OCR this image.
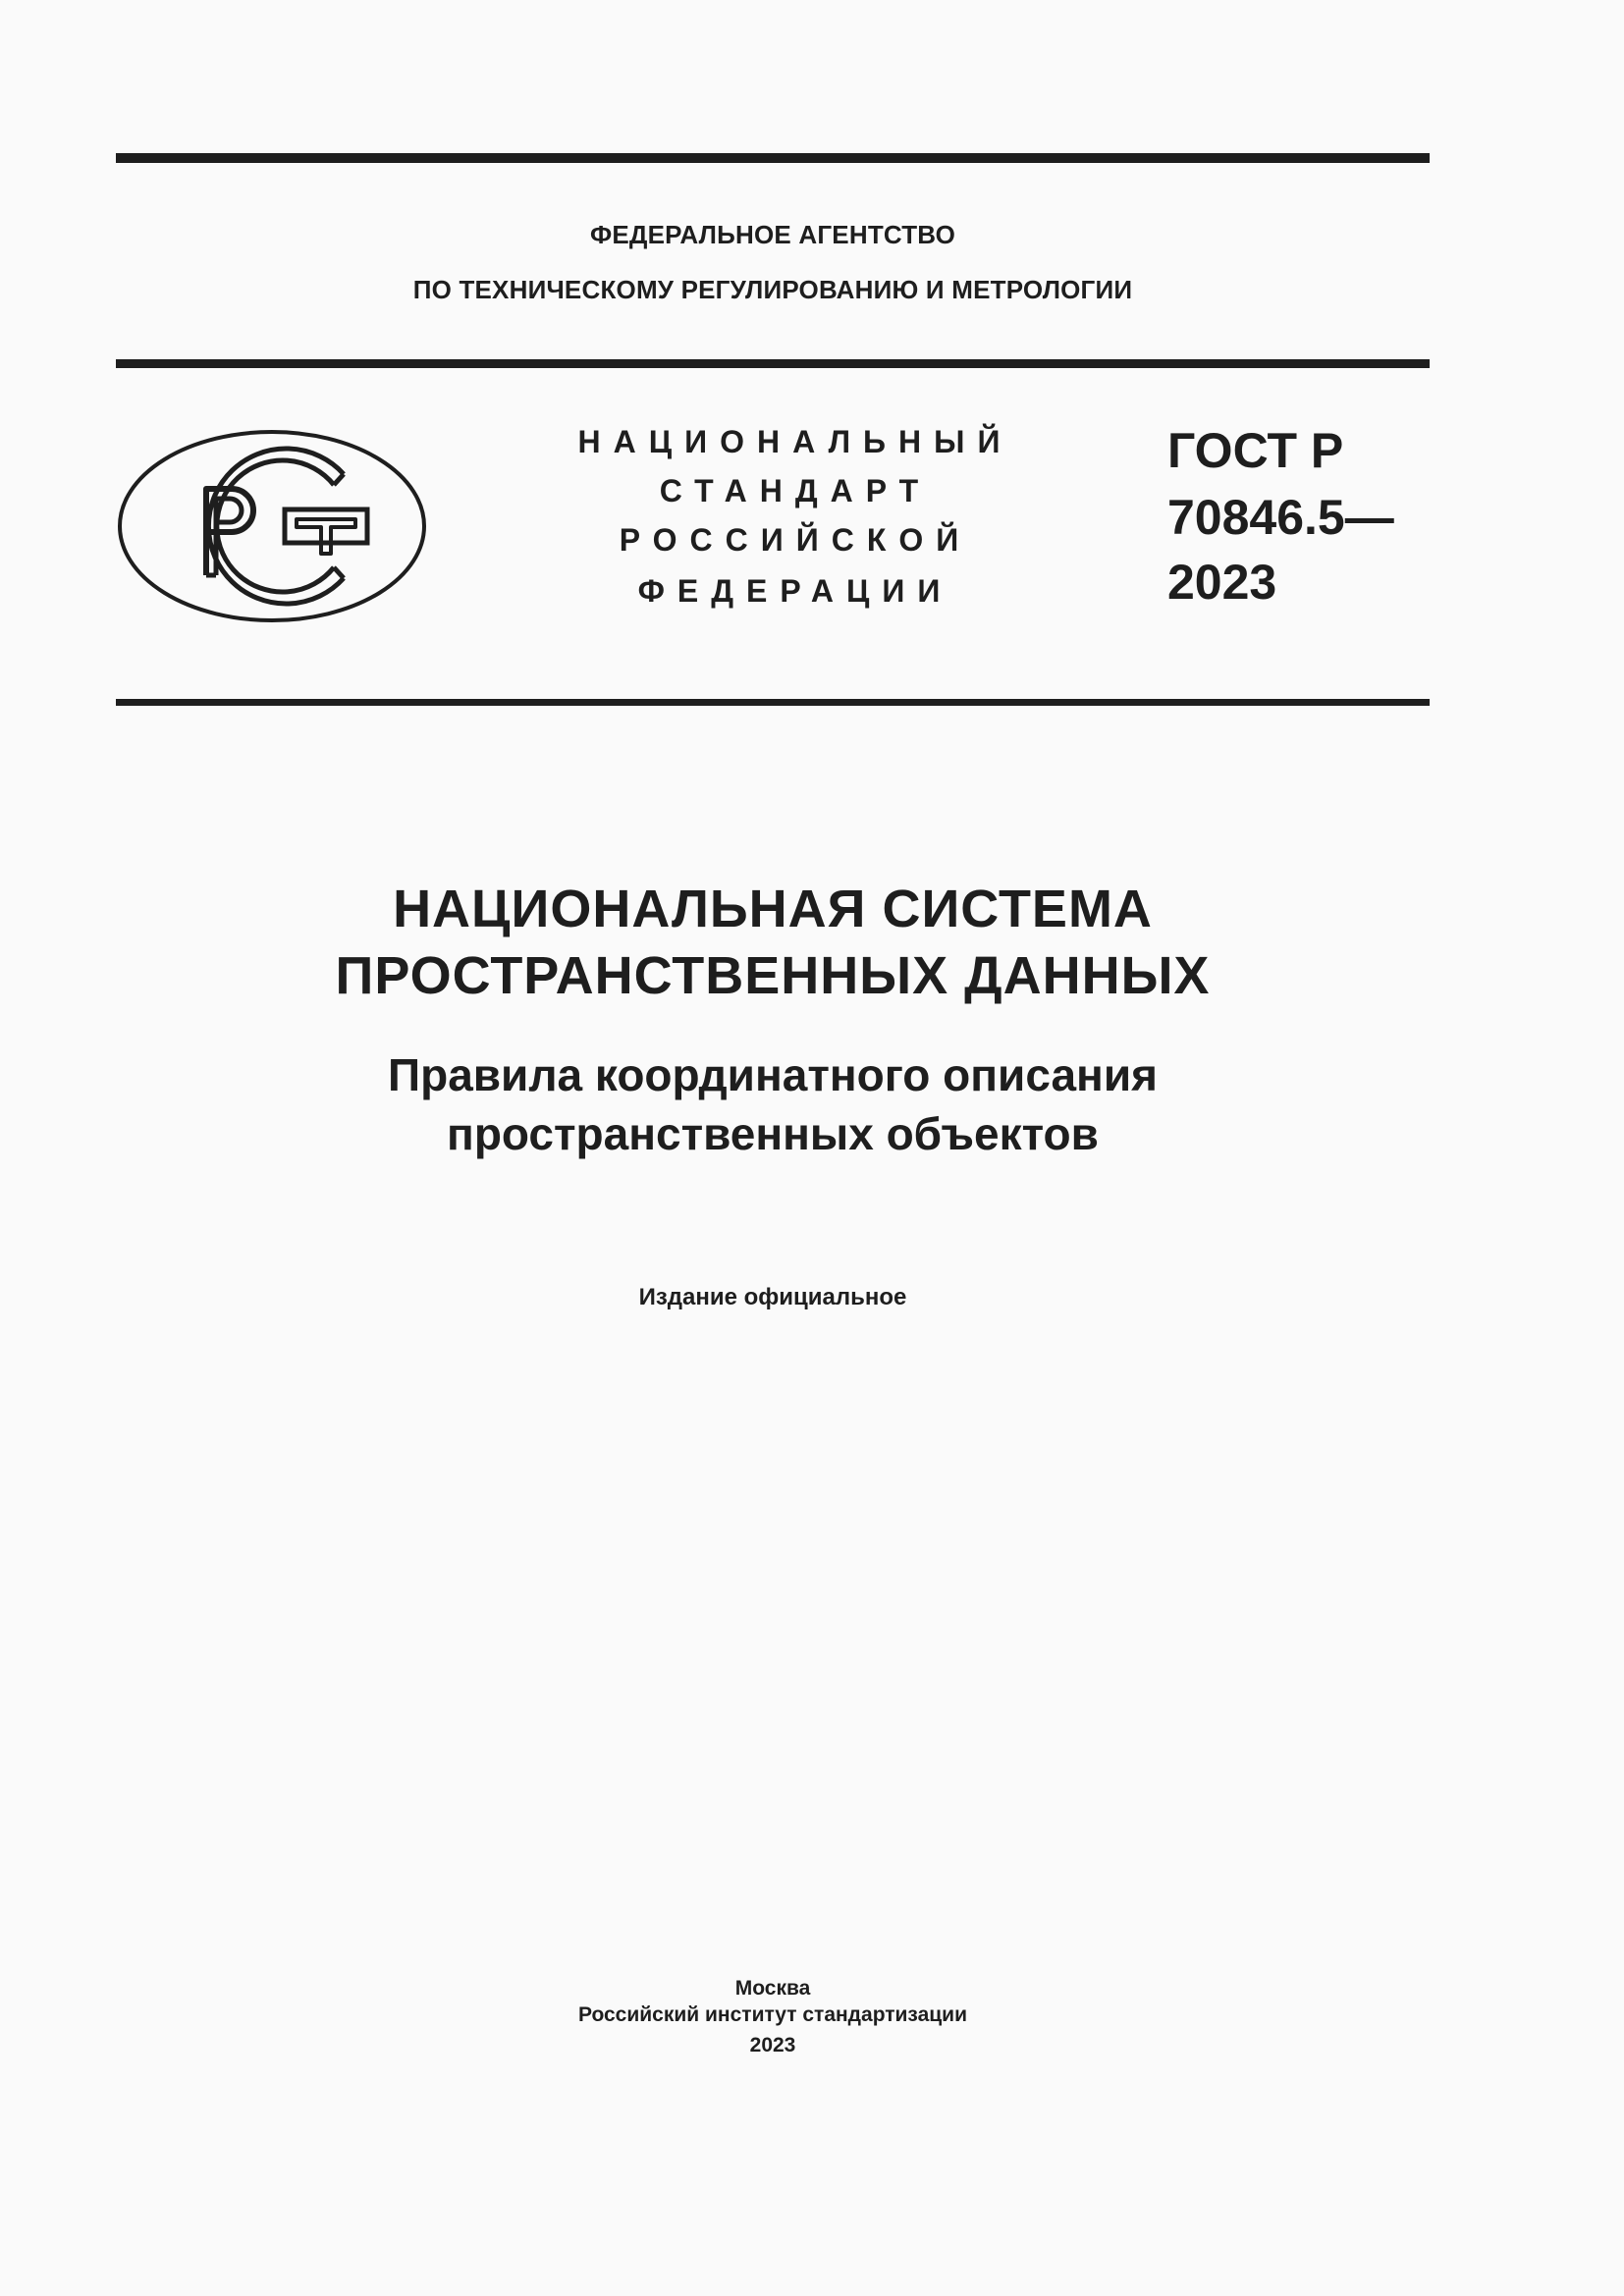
ФЕДЕРАЛЬНОЕ АГЕНТСТВО
ПО ТЕХНИЧЕСКОМУ РЕГУЛИРОВАНИЮ И МЕТРОЛОГИИ
НАЦИОНАЛЬНЫЙ
СТАНДАРТ
РОССИЙСКОЙ
ФЕДЕРАЦИИ
ГОСТ Р
70846.5—
2023
НАЦИОНАЛЬНАЯ СИСТЕМА
ПРОСТРАНСТВЕННЫХ ДАННЫХ
Правила координатного описания
пространственных объектов
Издание официальное
Москва
Российский институт стандартизации
2023
